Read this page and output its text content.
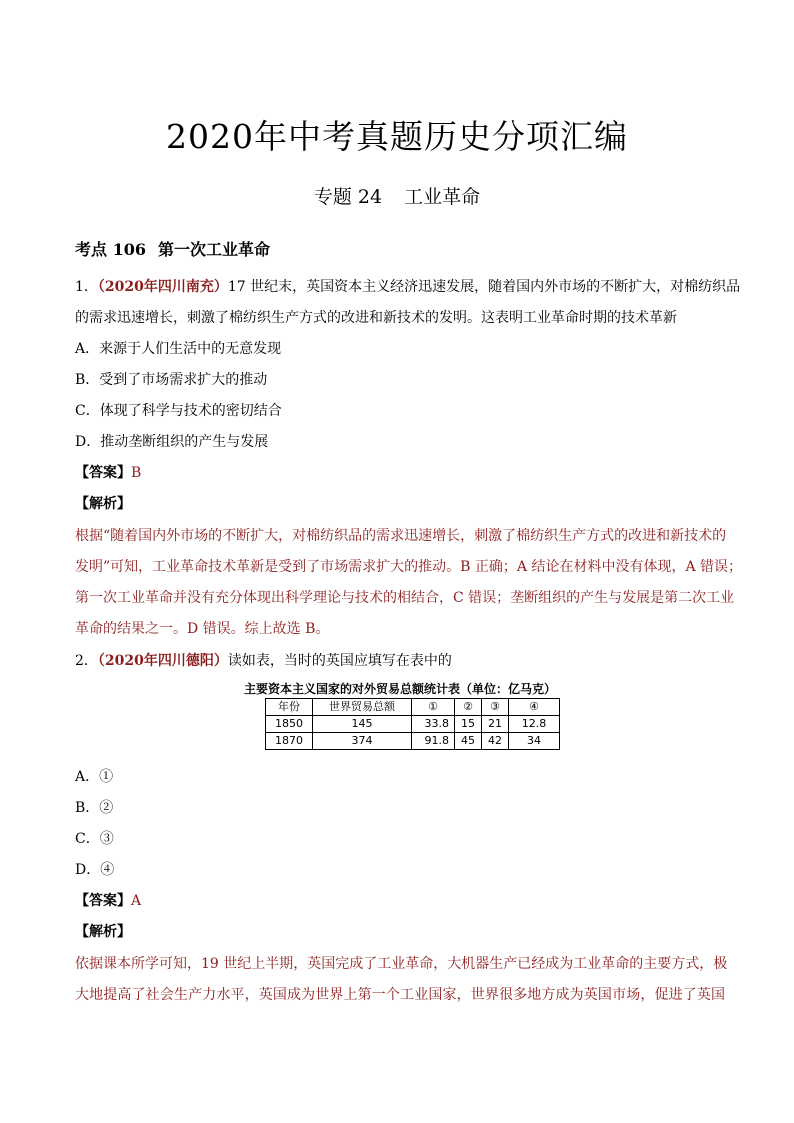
2020年中考真题历史分项汇编
专题 24 工业革命
考点 106 第一次工业革命
1．（2020年四川南充）17 世纪末，英国资本主义经济迅速发展，随着国内外市场的不断扩大，对棉纺织品
的需求迅速增长，刺激了棉纺织生产方式的改进和新技术的发明。这表明工业革命时期的技术革新
A．来源于人们生活中的无意发现
B．受到了市场需求扩大的推动
C．体现了科学与技术的密切结合
D．推动垄断组织的产生与发展
【答案】B
【解析】
根据“随着国内外市场的不断扩大，对棉纺织品的需求迅速增长，刺激了棉纺织生产方式的改进和新技术的
发明”可知，工业革命技术革新是受到了市场需求扩大的推动。B 正确；A 结论在材料中没有体现，A 错误；
第一次工业革命并没有充分体现出科学理论与技术的相结合，C 错误；垄断组织的产生与发展是第二次工业
革命的结果之一。D 错误。综上故选 B。
2．（2020年四川德阳）读如表，当时的英国应填写在表中的
主要资本主义国家的对外贸易总额统计表（单位：亿马克）
年份	世界贸易总额	①	②	③	④
1850	145	33.8	15	21	12.8
1870	374	91.8	45	42	34
A．①
B．②
C．③
D．④
【答案】A
【解析】
依据课本所学可知，19 世纪上半期，英国完成了工业革命，大机器生产已经成为工业革命的主要方式，极
大地提高了社会生产力水平，英国成为世界上第一个工业国家，世界很多地方成为英国市场，促进了英国
